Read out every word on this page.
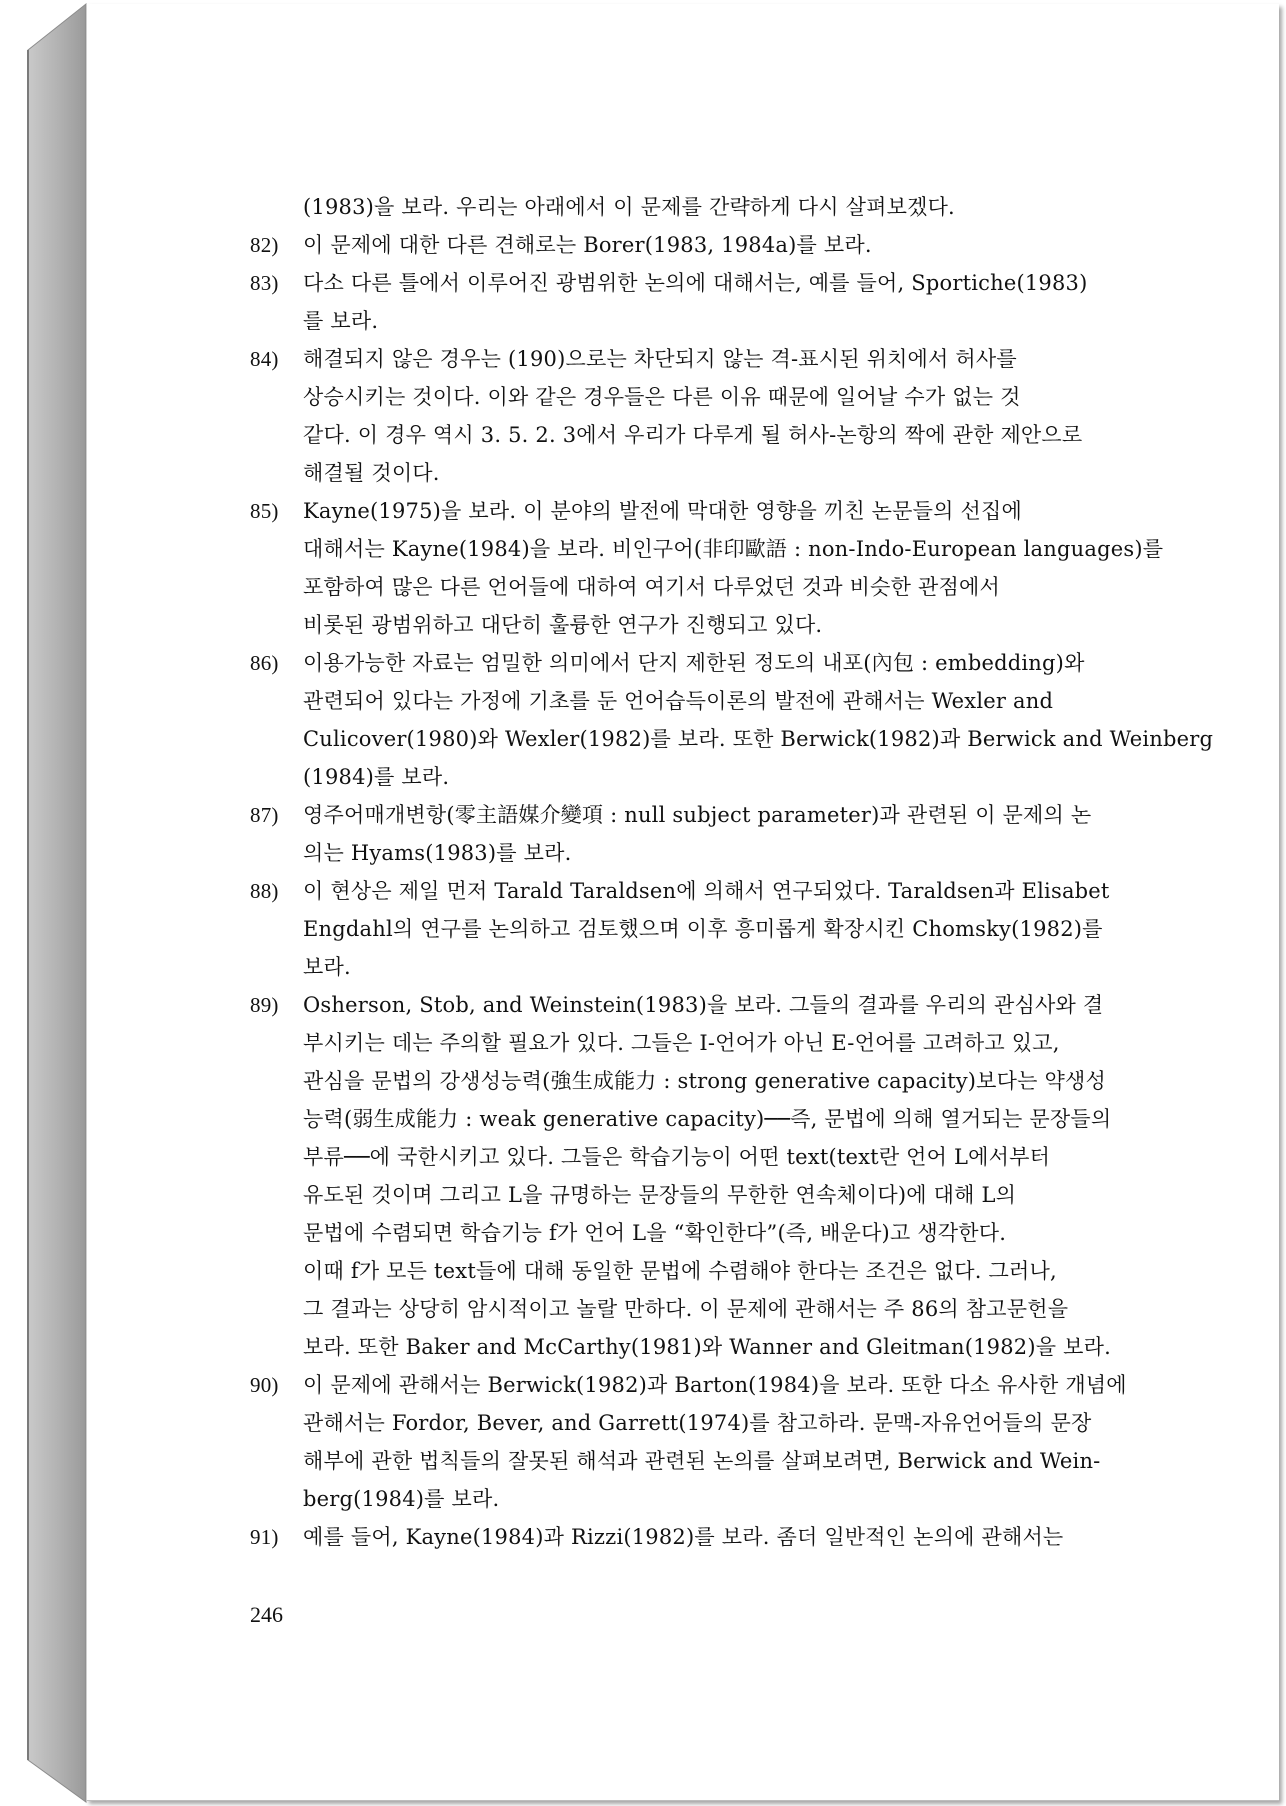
(1983)을 보라. 우리는 아래에서 이 문제를 간략하게 다시 살펴보겠다.
82) 이 문제에 대한 다른 견해로는 Borer(1983, 1984a)를 보라.
83) 다소 다른 틀에서 이루어진 광범위한 논의에 대해서는, 예를 들어, Sportiche(1983)
를 보라.
84) 해결되지 않은 경우는 (190)으로는 차단되지 않는 격-표시된 위치에서 허사를
상승시키는 것이다. 이와 같은 경우들은 다른 이유 때문에 일어날 수가 없는 것
같다. 이 경우 역시 3. 5. 2. 3에서 우리가 다루게 될 허사-논항의 짝에 관한 제안으로
해결될 것이다.
85) Kayne(1975)을 보라. 이 분야의 발전에 막대한 영향을 끼친 논문들의 선집에
대해서는 Kayne(1984)을 보라. 비인구어(非印歐語 : non-Indo-European languages)를
포함하여 많은 다른 언어들에 대하여 여기서 다루었던 것과 비슷한 관점에서
비롯된 광범위하고 대단히 훌륭한 연구가 진행되고 있다.
86) 이용가능한 자료는 엄밀한 의미에서 단지 제한된 정도의 내포(內包 : embedding)와
관련되어 있다는 가정에 기초를 둔 언어습득이론의 발전에 관해서는 Wexler and
Culicover(1980)와 Wexler(1982)를 보라. 또한 Berwick(1982)과 Berwick and Weinberg
(1984)를 보라.
87) 영주어매개변항(零主語媒介變項 : null subject parameter)과 관련된 이 문제의 논
의는 Hyams(1983)를 보라.
88) 이 현상은 제일 먼저 Tarald Taraldsen에 의해서 연구되었다. Taraldsen과 Elisabet
Engdahl의 연구를 논의하고 검토했으며 이후 흥미롭게 확장시킨 Chomsky(1982)를
보라.
89) Osherson, Stob, and Weinstein(1983)을 보라. 그들의 결과를 우리의 관심사와 결
부시키는 데는 주의할 필요가 있다. 그들은 I-언어가 아닌 E-언어를 고려하고 있고,
관심을 문법의 강생성능력(強生成能力 : strong generative capacity)보다는 약생성
능력(弱生成能力 : weak generative capacity)──즉, 문법에 의해 열거되는 문장들의
부류──에 국한시키고 있다. 그들은 학습기능이 어떤 text(text란 언어 L에서부터
유도된 것이며 그리고 L을 규명하는 문장들의 무한한 연속체이다)에 대해 L의
문법에 수렴되면 학습기능 f가 언어 L을 “확인한다”(즉, 배운다)고 생각한다.
이때 f가 모든 text들에 대해 동일한 문법에 수렴해야 한다는 조건은 없다. 그러나,
그 결과는 상당히 암시적이고 놀랄 만하다. 이 문제에 관해서는 주 86의 참고문헌을
보라. 또한 Baker and McCarthy(1981)와 Wanner and Gleitman(1982)을 보라.
90) 이 문제에 관해서는 Berwick(1982)과 Barton(1984)을 보라. 또한 다소 유사한 개념에
관해서는 Fordor, Bever, and Garrett(1974)를 참고하라. 문맥-자유언어들의 문장
해부에 관한 법칙들의 잘못된 해석과 관련된 논의를 살펴보려면, Berwick and Wein-
berg(1984)를 보라.
91) 예를 들어, Kayne(1984)과 Rizzi(1982)를 보라. 좀더 일반적인 논의에 관해서는
246
